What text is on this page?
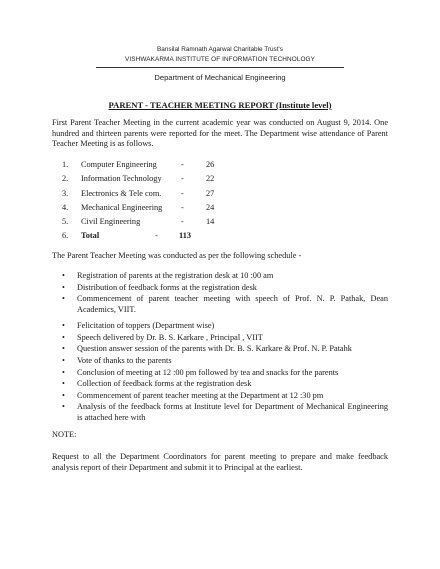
Bansilal Ramnath Agarwal Charitable Trust's
VISHWAKARMA INSTITUTE OF INFORMATION TECHNOLOGY
Department of Mechanical Engineering
PARENT - TEACHER MEETING REPORT (Institute level)
First Parent Teacher Meeting in the current academic year was conducted on August 9, 2014. One hundred and thirteen parents were reported for the meet. The Department wise attendance of Parent Teacher Meeting is as follows.
1. Computer Engineering	-	26
2. Information Technology -	22
3. Electronics & Tele com. -	27
4. Mechanical Engineering -	24
5. Civil Engineering	-	14
6. Total	-	113
The Parent Teacher Meeting was conducted as per the following schedule -
• Registration of parents at the registration desk at 10 :00 am
• Distribution of feedback forms at the registration desk
• Commencement of parent teacher meeting with speech of Prof. N. P. Pathak, Dean Academics, VIIT.
• Felicitation of toppers (Department wise)
• Speech delivered by Dr. B. S. Karkare , Principal , VIIT
• Question answer session of the parents with Dr. B. S. Karkare & Prof. N. P. Patahk
• Vote of thanks to the parents
• Conclusion of meeting at 12 :00 pm followed by tea and snacks for the parents
• Collection of feedback forms at the registration desk
• Commencement of parent teacher meeting at the Department at 12 :30 pm
• Analysis of the feedback forms at Institute level for Department of Mechanical Engineering is attached here with
NOTE:
Request to all the Department Coordinators for parent meeting to prepare and make feedback analysis report of their Department and submit it to Principal at the earliest.
